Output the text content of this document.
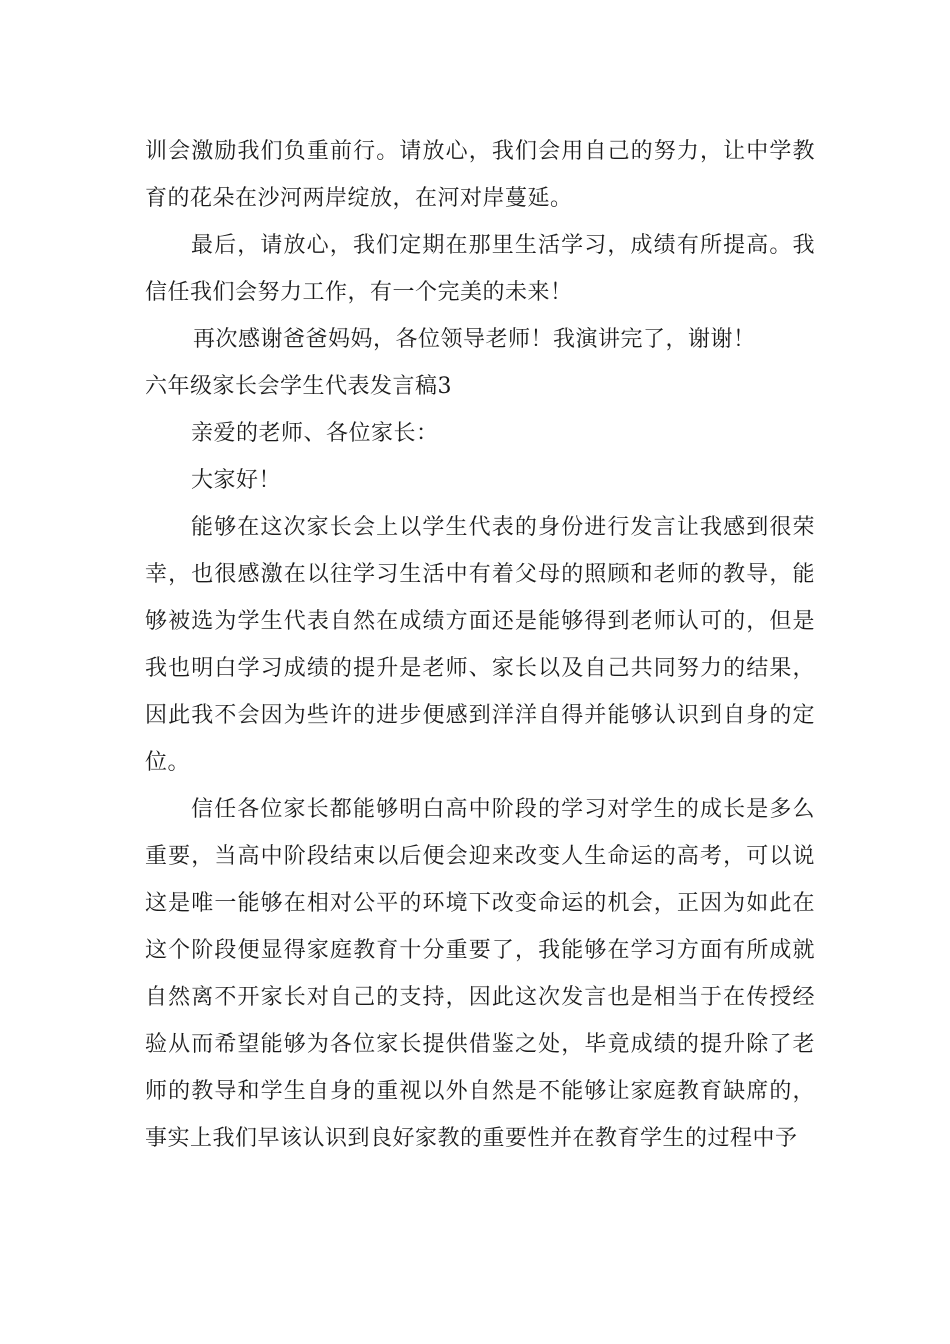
训会激励我们负重前行。请放心，我们会用自己的努力，让中学教育的花朵在沙河两岸绽放，在河对岸蔓延。

最后，请放心，我们定期在那里生活学习，成绩有所提高。我信任我们会努力工作，有一个完美的未来！

再次感谢爸爸妈妈，各位领导老师！我演讲完了，谢谢！

六年级家长会学生代表发言稿3

亲爱的老师、各位家长：

大家好！

能够在这次家长会上以学生代表的身份进行发言让我感到很荣幸，也很感激在以往学习生活中有着父母的照顾和老师的教导，能够被选为学生代表自然在成绩方面还是能够得到老师认可的，但是我也明白学习成绩的提升是老师、家长以及自己共同努力的结果，因此我不会因为些许的进步便感到洋洋自得并能够认识到自身的定位。

信任各位家长都能够明白高中阶段的学习对学生的成长是多么重要，当高中阶段结束以后便会迎来改变人生命运的高考，可以说这是唯一能够在相对公平的环境下改变命运的机会，正因为如此在这个阶段便显得家庭教育十分重要了，我能够在学习方面有所成就自然离不开家长对自己的支持，因此这次发言也是相当于在传授经验从而希望能够为各位家长提供借鉴之处，毕竟成绩的提升除了老师的教导和学生自身的重视以外自然是不能够让家庭教育缺席的，事实上我们早该认识到良好家教的重要性并在教育学生的过程中予
